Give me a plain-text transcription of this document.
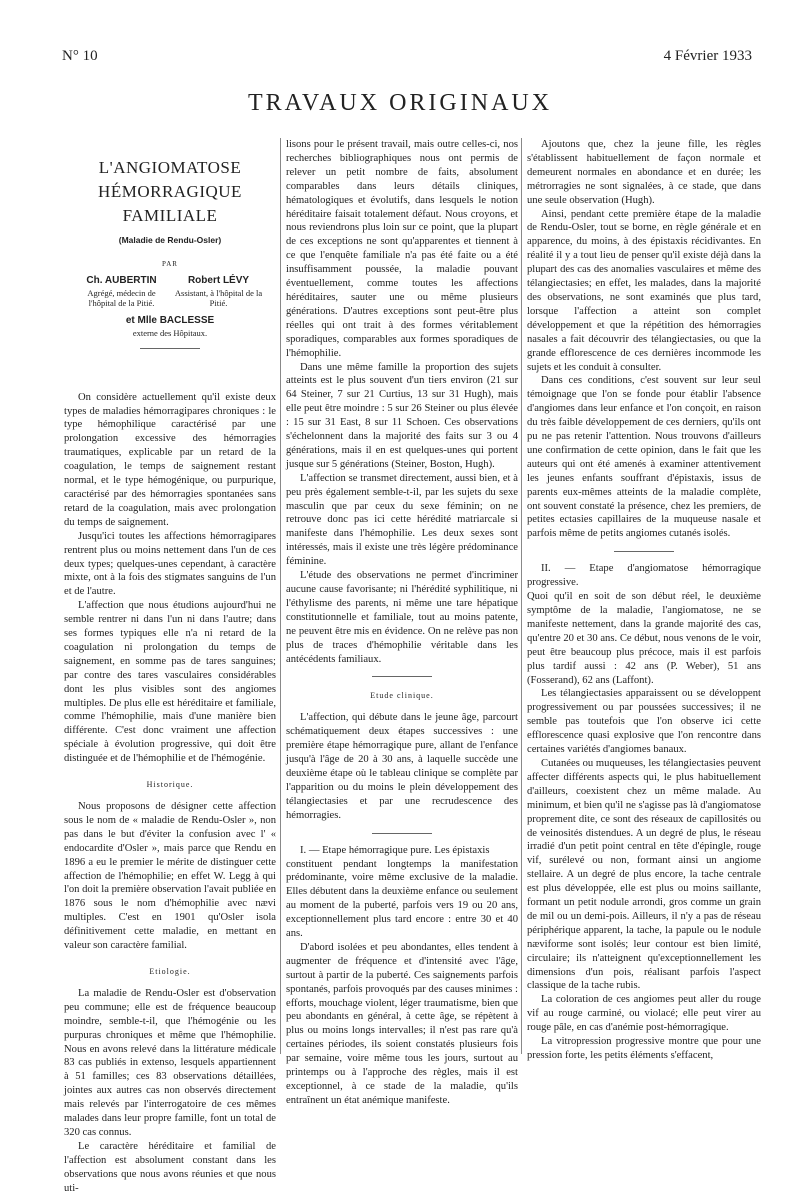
N° 10	4 Février 1933
TRAVAUX ORIGINAUX
L'ANGIOMATOSE
HÉMORRAGIQUE FAMILIALE
(Maladie de Rendu-Osler)
PAR
Ch. AUBERTIN
Agrégé, médecin de l'hôpital de la Pitié.
Robert LÉVY
Assistant, à l'hôpital de la Pitié.
et Mlle BACLESSE
externe des Hôpitaux.

On considère actuellement qu'il existe deux types de maladies hémorragipares chroniques : le type hémophilique caractérisé par une prolongation excessive des hémorragies traumatiques, explicable par un retard de la coagulation, le temps de saignement restant normal, et le type hémogénique, ou purpurique, caractérisé par des hémorragies spontanées sans retard de la coagulation, mais avec prolongation du temps de saignement.

Jusqu'ici toutes les affections hémorragipares rentrent plus ou moins nettement dans l'un de ces deux types; quelques-unes cependant, à caractère mixte, ont à la fois des stigmates sanguins de l'un et de l'autre.

L'affection que nous étudions aujourd'hui ne semble rentrer ni dans l'un ni dans l'autre; dans ses formes typiques elle n'a ni retard de la coagulation ni prolongation du temps de saignement, en somme pas de tares sanguines; par contre des tares vasculaires considérables dont les plus visibles sont des angiomes multiples. De plus elle est héréditaire et familiale, comme l'hémophilie, mais d'une manière bien différente. C'est donc vraiment une affection spéciale à évolution progressive, qui doit être distinguée et de l'hémophilie et de l'hémogénie.

Historique.

Nous proposons de désigner cette affection sous le nom de « maladie de Rendu-Osler », non pas dans le but d'éviter la confusion avec l' « endocardite d'Osler », mais parce que Rendu en 1896 a eu le premier le mérite de distinguer cette affection de l'hémophilie; en effet W. Legg à qui l'on doit la première observation l'avait publiée en 1876 sous le nom d'hémophilie avec nævi multiples. C'est en 1901 qu'Osler isola définitivement cette maladie, en mettant en valeur son caractère familial.

Etiologie.

La maladie de Rendu-Osler est d'observation peu commune; elle est de fréquence beaucoup moindre, semble-t-il, que l'hémogénie ou les purpuras chroniques et même que l'hémophilie. Nous en avons relevé dans la littérature médicale 83 cas publiés in extenso, lesquels appartiennent à 51 familles; ces 83 observations détaillées, jointes aux autres cas non observés directement mais relevés par l'interrogatoire de ces mêmes malades dans leur propre famille, font un total de 320 cas connus.

Le caractère héréditaire et familial de l'affection est absolument constant dans les observations que nous avons réunies et que nous uti-

lisons pour le présent travail, mais outre celles-ci, nos recherches bibliographiques nous ont permis de relever un petit nombre de faits, absolument comparables dans leurs détails cliniques, hématologiques et évolutifs, dans lesquels le notion héréditaire faisait totalement défaut. Nous croyons, et nous reviendrons plus loin sur ce point, que la plupart de ces exceptions ne sont qu'apparentes et tiennent à ce que l'enquête familiale n'a pas été faite ou a été insuffisamment poussée, la maladie pouvant éventuellement, comme toutes les affections héréditaires, sauter une ou même plusieurs générations. D'autres exceptions sont peut-être plus réelles qui ont trait à des formes véritablement sporadiques, comparables aux formes sporadiques de l'hémophilie.

Dans une même famille la proportion des sujets atteints est le plus souvent d'un tiers environ (21 sur 64 Steiner, 7 sur 21 Curtius, 13 sur 31 Hugh), mais elle peut être moindre : 5 sur 26 Steiner ou plus élevée : 15 sur 31 East, 8 sur 11 Schoen. Ces observations s'échelonnent dans la majorité des faits sur 3 ou 4 générations, mais il en est quelques-unes qui portent jusque sur 5 générations (Steiner, Boston, Hugh).

L'affection se transmet directement, aussi bien, et à peu près également semble-t-il, par les sujets du sexe masculin que par ceux du sexe féminin; on ne retrouve donc pas ici cette hérédité matriarcale si manifeste dans l'hémophilie. Les deux sexes sont intéressés, mais il existe une très légère prédominance féminine.

L'étude des observations ne permet d'incriminer aucune cause favorisante; ni l'hérédité syphilitique, ni l'éthylisme des parents, ni même une tare hépatique constitutionnelle et familiale, tout au moins patente, ne peuvent être mis en évidence. On ne relève pas non plus de traces d'hémophilie véritable dans les antécédents familiaux.

Etude clinique.

L'affection, qui débute dans le jeune âge, parcourt schématiquement deux étapes successives : une première étape hémorragique pure, allant de l'enfance jusqu'à l'âge de 20 à 30 ans, à laquelle succède une deuxième étape où le tableau clinique se complète par l'apparition ou du moins le plein développement des télangiectasies et par une recrudescence des hémorragies.

I. — Etape hémorragique pure. Les épistaxis

constituent pendant longtemps la manifestation prédominante, voire même exclusive de la maladie. Elles débutent dans la deuxième enfance ou seulement au moment de la puberté, parfois vers 19 ou 20 ans, exceptionnellement plus tard encore : entre 30 et 40 ans.

D'abord isolées et peu abondantes, elles tendent à augmenter de fréquence et d'intensité avec l'âge, surtout à partir de la puberté. Ces saignements parfois spontanés, parfois provoqués par des causes minimes : efforts, mouchage violent, léger traumatisme, bien que peu abondants en général, à cette âge, se répètent à plus ou moins longs intervalles; il n'est pas rare qu'à certaines périodes, ils soient constatés plusieurs fois par semaine, voire même tous les jours, surtout au printemps ou à l'approche des règles, mais il est exceptionnel, à ce stade de la maladie, qu'ils entraînent un état anémique manifeste.

Ajoutons que, chez la jeune fille, les règles s'établissent habituellement de façon normale et demeurent normales en abondance et en durée; les métrorragies ne sont signalées, à ce stade, que dans une seule observation (Hugh).

Ainsi, pendant cette première étape de la maladie de Rendu-Osler, tout se borne, en règle générale et en apparence, du moins, à des épistaxis récidivantes. En réalité il y a tout lieu de penser qu'il existe déjà dans la plupart des cas des anomalies vasculaires et même des télangiectasies; en effet, les malades, dans la majorité des observations, ne sont examinés que plus tard, lorsque l'affection a atteint son complet développement et que la répétition des hémorragies nasales a fait découvrir des télangiectasies, ou que la grande efflorescence de ces dernières incommode les sujets et les conduit à consulter.

Dans ces conditions, c'est souvent sur leur seul témoignage que l'on se fonde pour établir l'absence d'angiomes dans leur enfance et l'on conçoit, en raison du très faible développement de ces derniers, qu'ils ont pu ne pas retenir l'attention. Nous trouvons d'ailleurs une confirmation de cette opinion, dans le fait que les auteurs qui ont été amenés à examiner attentivement les jeunes enfants souffrant d'épistaxis, issus de parents eux-mêmes atteints de la maladie complète, ont souvent constaté la présence, chez les premiers, de petites ectasies capillaires de la muqueuse nasale et parfois même de petits angiomes cutanés isolés.

II. — Etape d'angiomatose hémorragique progressive.

Quoi qu'il en soit de son début réel, le deuxième symptôme de la maladie, l'angiomatose, ne se manifeste nettement, dans la grande majorité des cas, qu'entre 20 et 30 ans. Ce début, nous venons de le voir, peut être beaucoup plus précoce, mais il est parfois plus tardif aussi : 42 ans (P. Weber), 51 ans (Fosserand), 62 ans (Laffont).

Les télangiectasies apparaissent ou se développent progressivement ou par poussées successives; il ne semble pas toutefois que l'on observe ici cette efflorescence quasi explosive que l'on rencontre dans certaines variétés d'angiomes banaux.

Cutanées ou muqueuses, les télangiectasies peuvent affecter différents aspects qui, le plus habituellement d'ailleurs, coexistent chez un même malade. Au minimum, et bien qu'il ne s'agisse pas là d'angiomatose proprement dite, ce sont des réseaux de capillosités ou de veinosités distendues. A un degré de plus, le réseau irradié d'un petit point central en tête d'épingle, rouge vif, surélevé ou non, formant ainsi un angiome stellaire. A un degré de plus encore, la tache centrale est plus développée, elle est plus ou moins saillante, formant un petit nodule arrondi, gros comme un grain de mil ou un demi-pois. Ailleurs, il n'y a pas de réseau périphérique apparent, la tache, la papule ou le nodule næviforme sont isolés; leur contour est bien limité, circulaire; ils n'atteignent qu'exceptionnellement les dimensions d'un pois, réalisant parfois l'aspect classique de la tache rubis.

La coloration de ces angiomes peut aller du rouge vif au rouge carminé, ou violacé; elle peut virer au rouge pâle, en cas d'anémie post-hémorragique.

La vitropression progressive montre que pour une pression forte, les petits éléments s'effacent,
